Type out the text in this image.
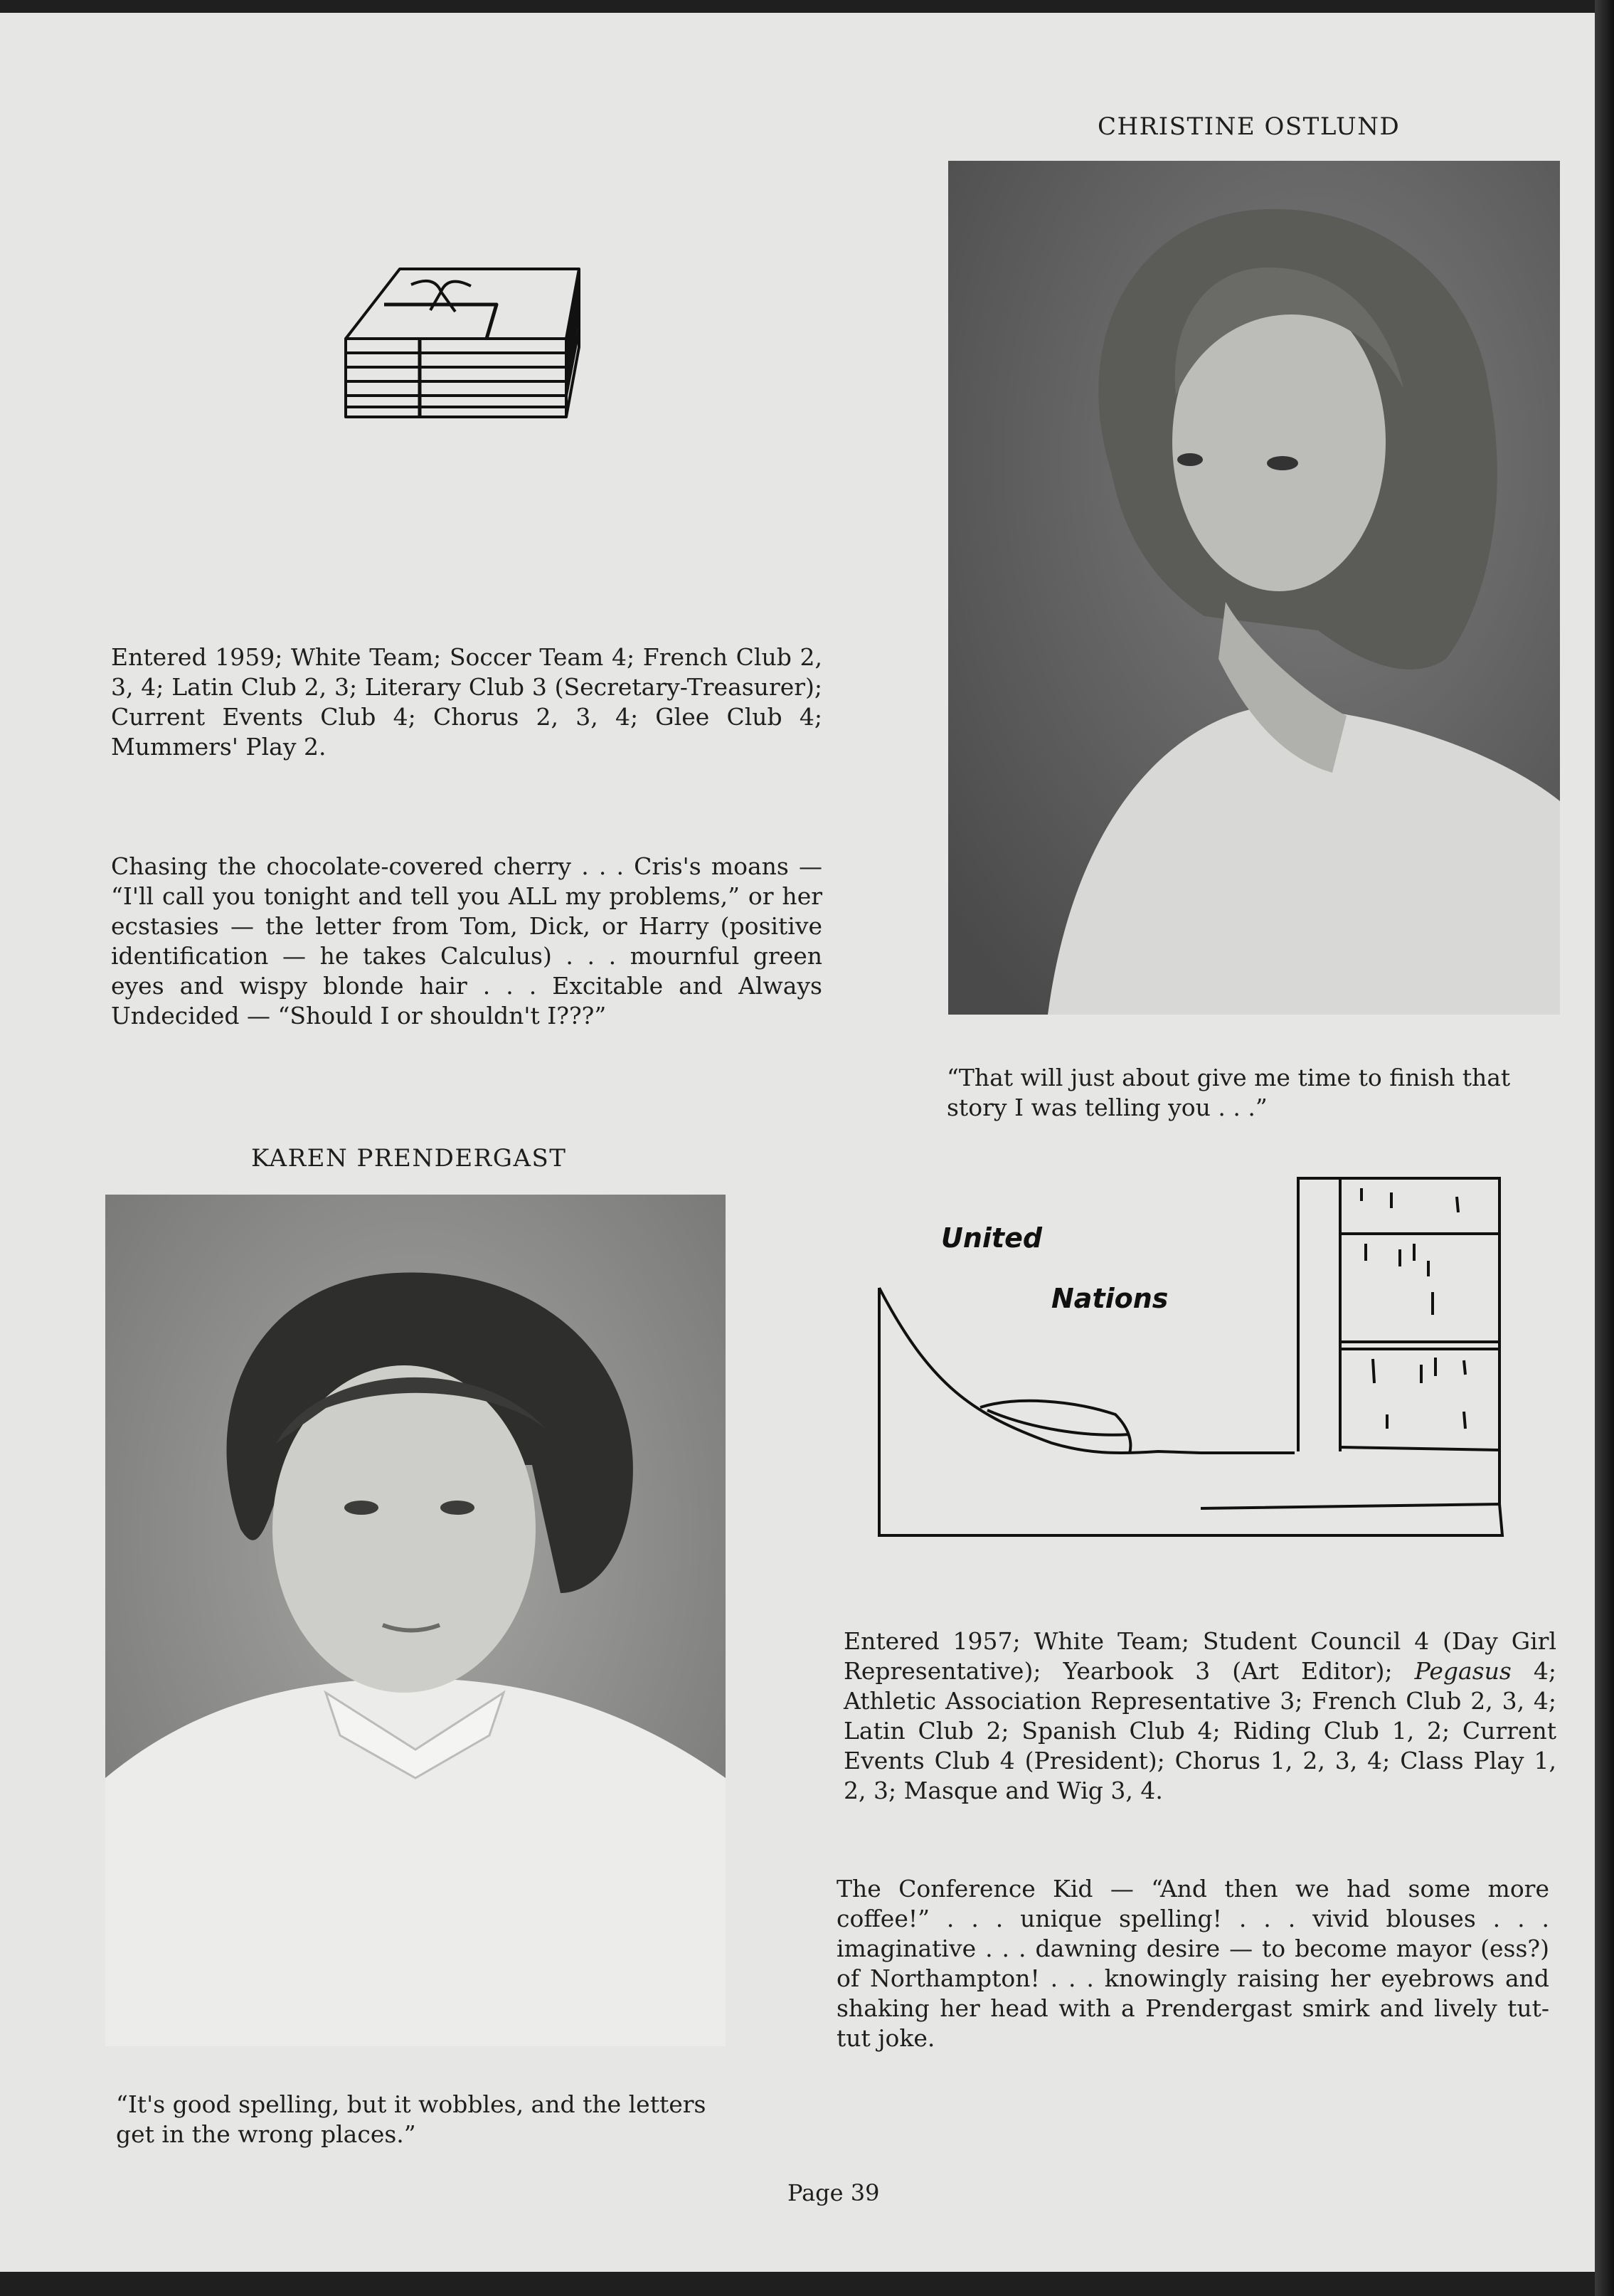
CHRISTINE OSTLUND

Entered 1959; White Team; Soccer Team 4; French Club 2, 3, 4; Latin Club 2, 3; Literary Club 3 (Secretary-Treasurer); Current Events Club 4; Chorus 2, 3, 4; Glee Club 4; Mummers' Play 2.

Chasing the chocolate-covered cherry . . . Cris's moans — “I'll call you tonight and tell you ALL my problems,” or her ecstasies — the letter from Tom, Dick, or Harry (positive identification — he takes Calculus) . . . mournful green eyes and wispy blonde hair . . . Excitable and Always Undecided — “Should I or shouldn't I???”

“That will just about give me time to finish that story I was telling you . . .”

KAREN PRENDERGAST

“It's good spelling, but it wobbles, and the letters get in the wrong places.”

United
Nations

Entered 1957; White Team; Student Council 4 (Day Girl Representative); Yearbook 3 (Art Editor); Pegasus 4; Athletic Association Representative 3; French Club 2, 3, 4; Latin Club 2; Spanish Club 4; Riding Club 1, 2; Current Events Club 4 (President); Chorus 1, 2, 3, 4; Class Play 1, 2, 3; Masque and Wig 3, 4.

The Conference Kid — “And then we had some more coffee!” . . . unique spelling! . . . vivid blouses . . . imaginative . . . dawning desire — to become mayor (ess?) of Northampton! . . . knowingly raising her eyebrows and shaking her head with a Prendergast smirk and lively tut-tut joke.

Page 39
